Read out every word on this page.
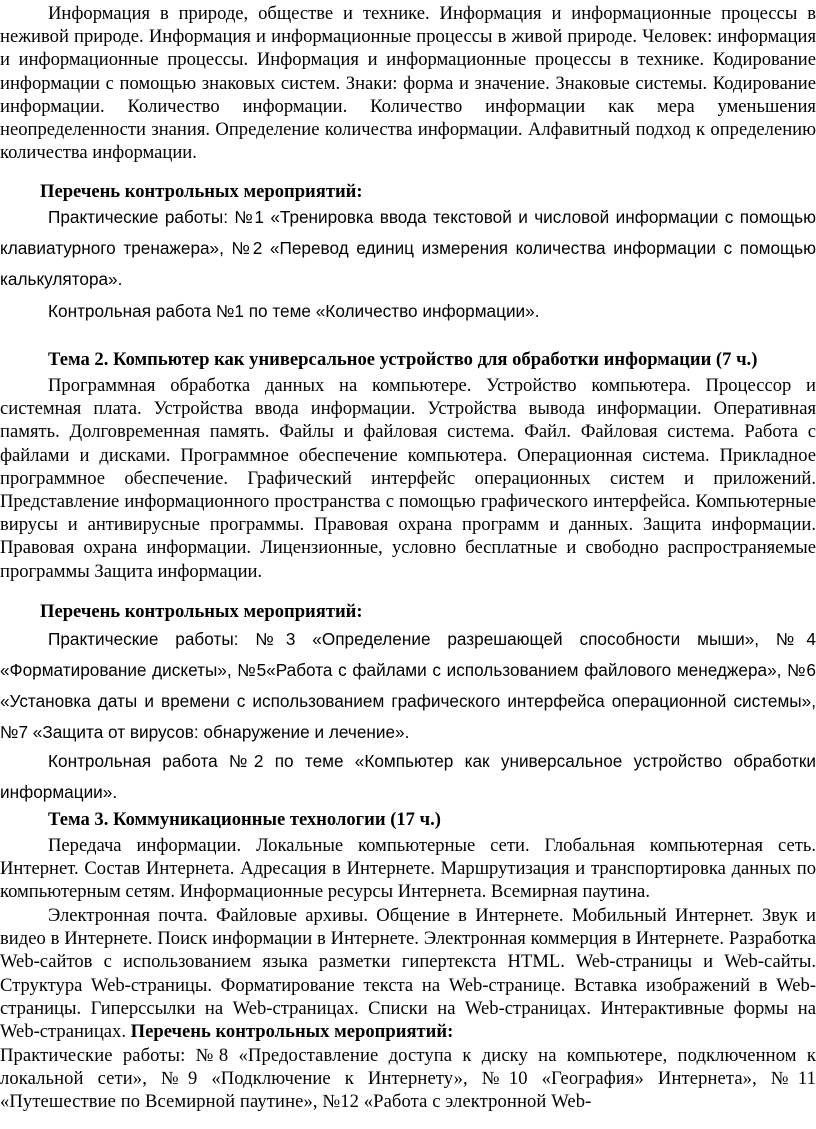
Информация в природе, обществе и технике. Информация и информационные процессы в неживой природе. Информация и информационные процессы в живой природе. Человек: информация и информационные процессы. Информация и информационные процессы в технике. Кодирование информации с помощью знаковых систем. Знаки: форма и значение. Знаковые системы. Кодирование информации. Количество информации. Количество информации как мера уменьшения неопределенности знания. Определение количества информации. Алфавитный подход к определению количества информации.

Перечень контрольных мероприятий:

Практические работы: №1 «Тренировка ввода текстовой и числовой информации с помощью клавиатурного тренажера», №2 «Перевод единиц измерения количества информации с помощью калькулятора».

Контрольная работа №1 по теме «Количество информации».

Тема 2. Компьютер как универсальное устройство для обработки информации (7 ч.)

Программная обработка данных на компьютере. Устройство компьютера. Процессор и системная плата. Устройства ввода информации. Устройства вывода информации. Оперативная память. Долговременная память. Файлы и файловая система. Файл. Файловая система. Работа с файлами и дисками. Программное обеспечение компьютера. Операционная система. Прикладное программное обеспечение. Графический интерфейс операционных систем и приложений. Представление информационного пространства с помощью графического интерфейса. Компьютерные вирусы и антивирусные программы. Правовая охрана программ и данных. Защита информации. Правовая охрана информации. Лицензионные, условно бесплатные и свободно распространяемые программы Защита информации.

Перечень контрольных мероприятий:

Практические работы: №3 «Определение разрешающей способности мыши», №4 «Форматирование дискеты», №5«Работа с файлами с использованием файлового менеджера», №6 «Установка даты и времени с использованием графического интерфейса операционной системы», №7 «Защита от вирусов: обнаружение и лечение».

Контрольная работа №2 по теме «Компьютер как универсальное устройство обработки информации».

Тема 3. Коммуникационные технологии (17 ч.)

Передача информации. Локальные компьютерные сети. Глобальная компьютерная сеть. Интернет. Состав Интернета. Адресация в Интернете. Маршрутизация и транспортировка данных по компьютерным сетям. Информационные ресурсы Интернета. Всемирная паутина.

Электронная почта. Файловые архивы. Общение в Интернете. Мобильный Интернет. Звук и видео в Интернете. Поиск информации в Интернете. Электронная коммерция в Интернете. Разработка Web-сайтов с использованием языка разметки гипертекста HTML. Web-страницы и Web-сайты. Структура Web-страницы. Форматирование текста на Web-странице. Вставка изображений в Web-страницы. Гиперссылки на Web-страницах. Списки на Web-страницах. Интерактивные формы на Web-страницах. Перечень контрольных мероприятий:

Практические работы: №8 «Предоставление доступа к диску на компьютере, подключенном к локальной сети», №9 «Подключение к Интернету», №10 «География» Интернета», №11 «Путешествие по Всемирной паутине», №12 «Работа с электронной Web-
